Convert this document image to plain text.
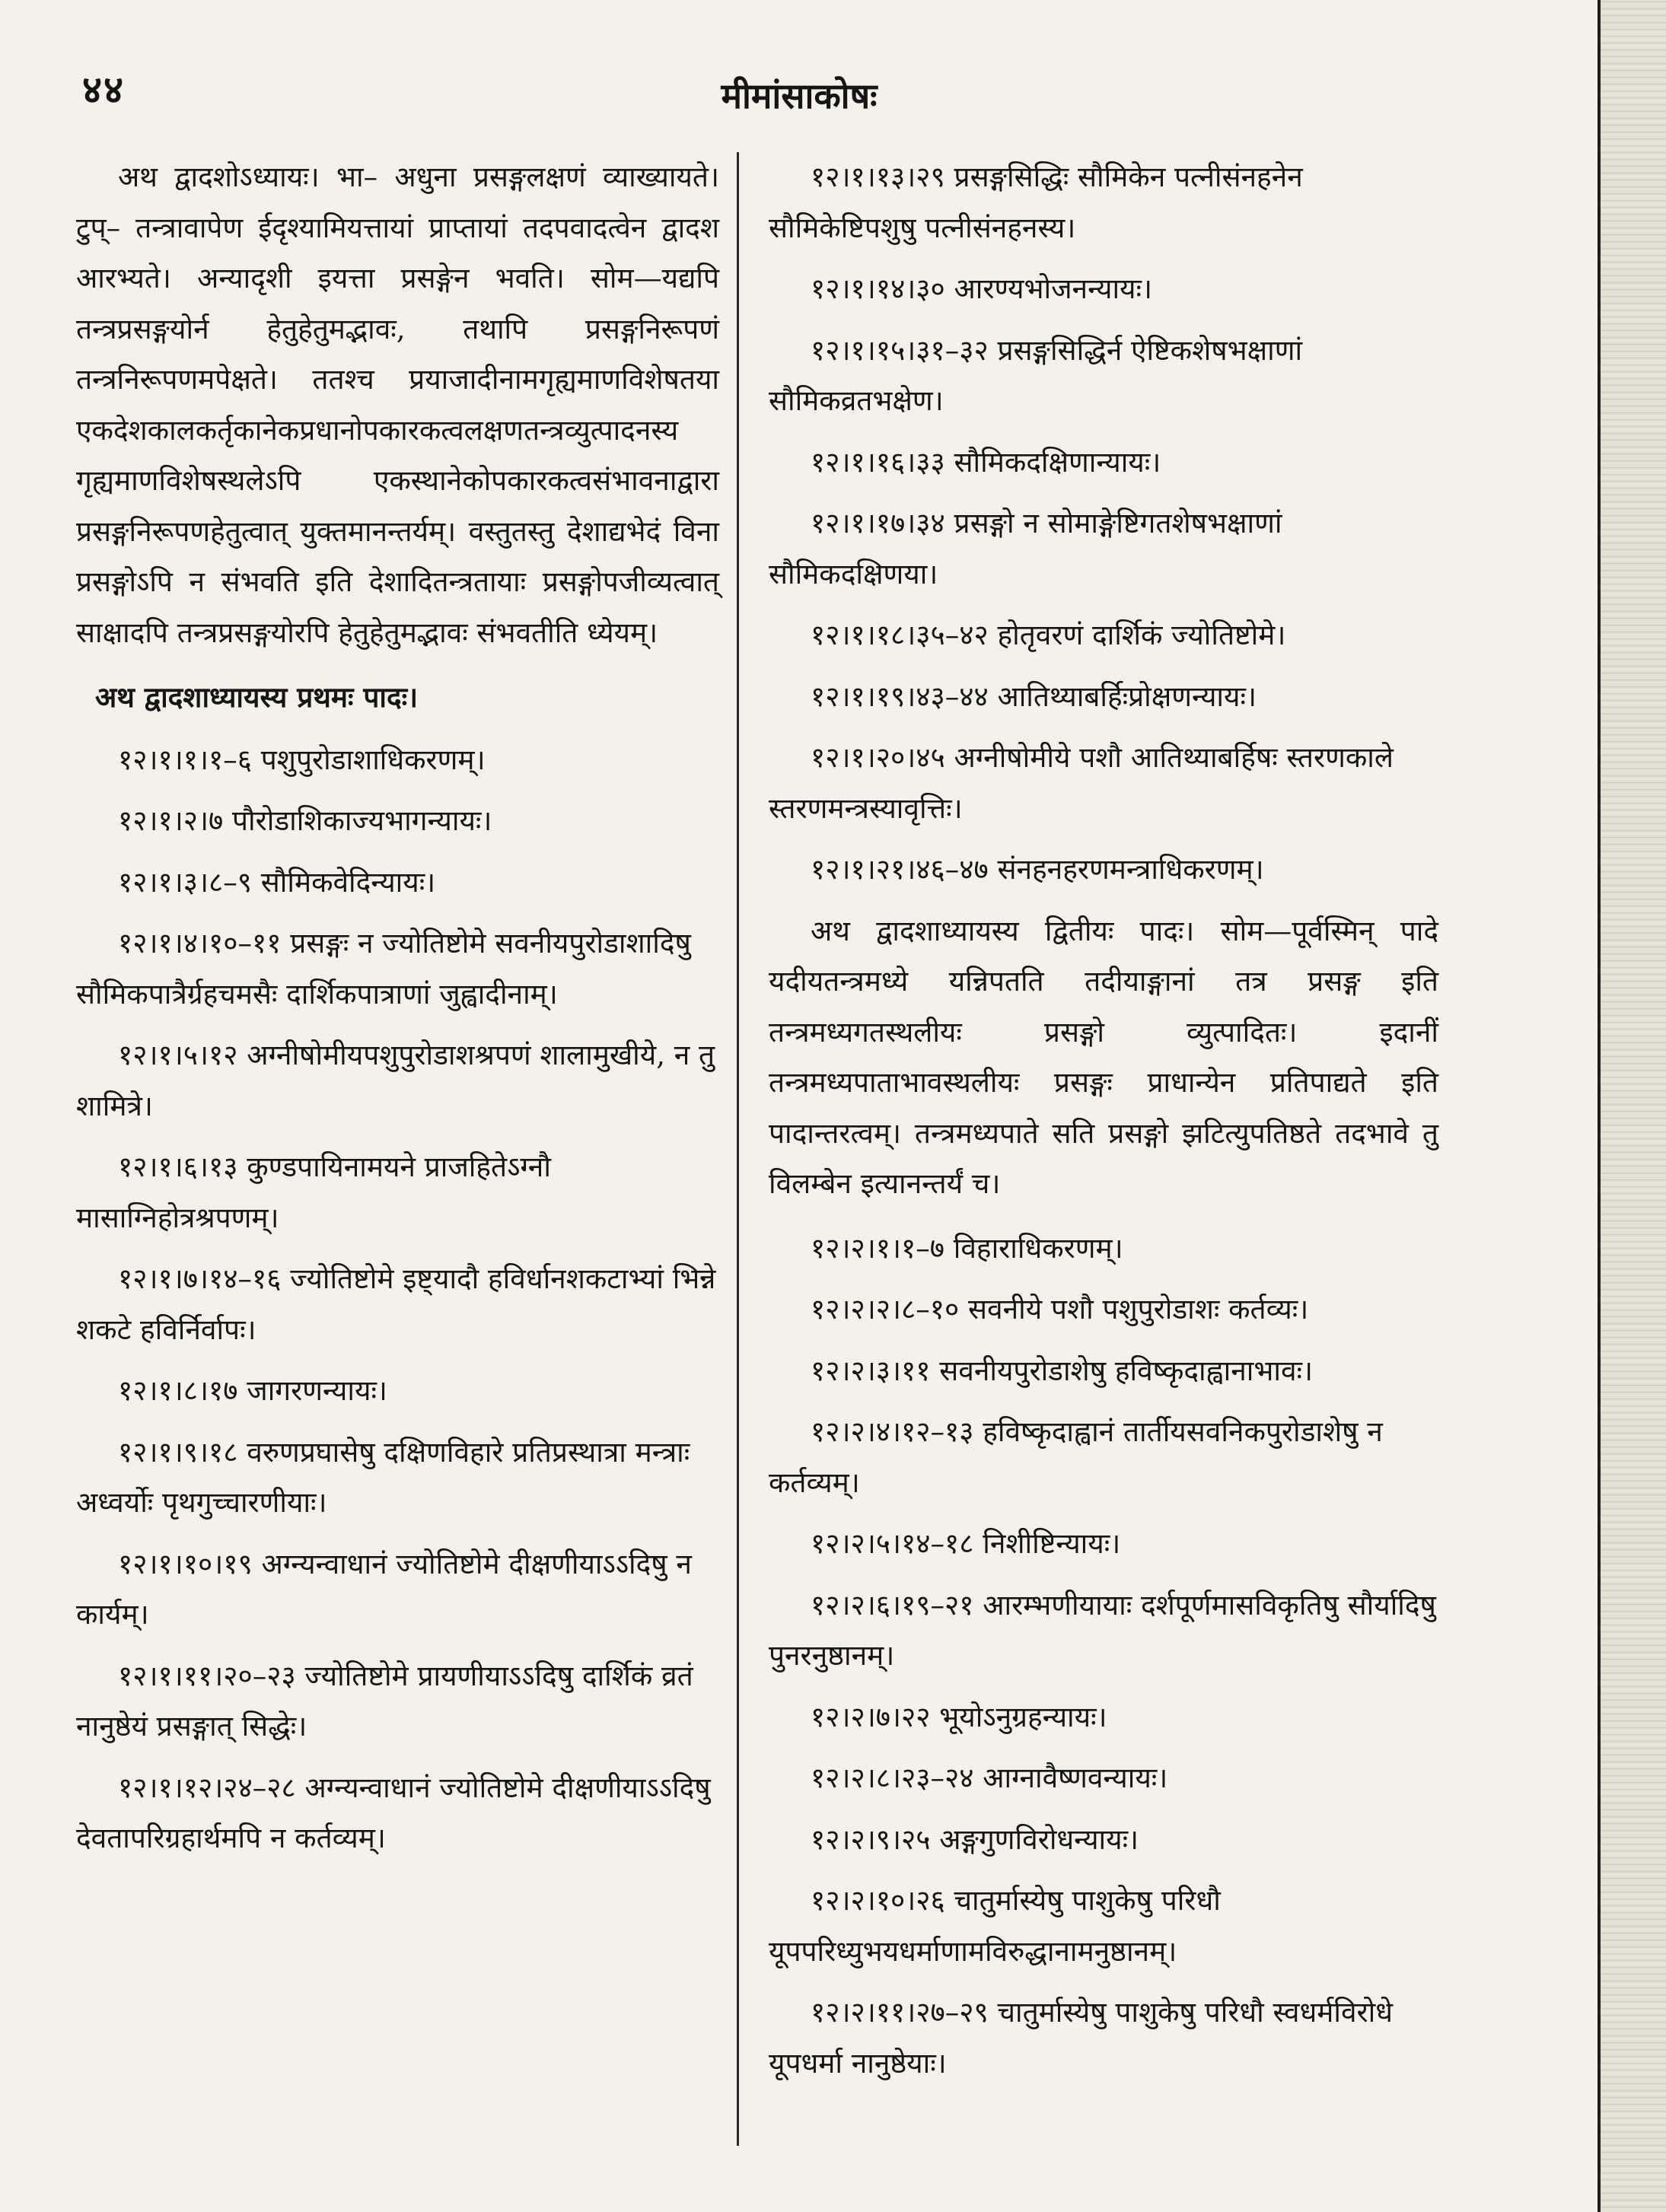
४४	मीमांसाकोषः

अथ द्वादशोऽध्यायः। भा– अधुना प्रसङ्गलक्षणं व्याख्यायते। टुप्– तन्त्रावापेण ईदृश्यामियत्तायां प्राप्तायां तदपवादत्वेन द्वादश आरभ्यते। अन्यादृशी इयत्ता प्रसङ्गेन भवति। सोम—यद्यपि तन्त्रप्रसङ्गयोर्न हेतुहेतुमद्भावः, तथापि प्रसङ्गनिरूपणं तन्त्रनिरूपणमपेक्षते। ततश्च प्रयाजादीनामगृह्यमाणविशेषतया एकदेशकालकर्तृकानेकप्रधानोपकारकत्वलक्षणतन्त्रव्युत्पादनस्य गृह्यमाणविशेषस्थलेऽपि एकस्थानेकोपकारकत्वसंभावनाद्वारा प्रसङ्गनिरूपणहेतुत्वात् युक्तमानन्तर्यम्। वस्तुतस्तु देशाद्यभेदं विना प्रसङ्गोऽपि न संभवति इति देशादितन्त्रतायाः प्रसङ्गोपजीव्यत्वात् साक्षादपि तन्त्रप्रसङ्गयोरपि हेतुहेतुमद्भावः संभवतीति ध्येयम्।

अथ द्वादशाध्यायस्य प्रथमः पादः।

१२।१।१।१–६ पशुपुरोडाशाधिकरणम्।

१२।१।२।७ पौरोडाशिकाज्यभागन्यायः।

१२।१।३।८–९ सौमिकवेदिन्यायः।

१२।१।४।१०–११ प्रसङ्गः न ज्योतिष्टोमे सवनीयपुरोडाशादिषु सौमिकपात्रैर्ग्रहचमसैः दार्शिकपात्राणां जुह्वादीनाम्।

१२।१।५।१२ अग्नीषोमीयपशुपुरोडाशश्रपणं शालामुखीये, न तु शामित्रे।

१२।१।६।१३ कुण्डपायिनामयने प्राजहितेऽग्नौ मासाग्निहोत्रश्रपणम्।

१२।१।७।१४–१६ ज्योतिष्टोमे इष्ट्यादौ हविर्धानशकटाभ्यां भिन्ने शकटे हविर्निर्वापः।

१२।१।८।१७ जागरणन्यायः।

१२।१।९।१८ वरुणप्रघासेषु दक्षिणविहारे प्रतिप्रस्थात्रा मन्त्राः अध्वर्योः पृथगुच्चारणीयाः।

१२।१।१०।१९ अग्न्यन्वाधानं ज्योतिष्टोमे दीक्षणीयाऽऽदिषु न कार्यम्।

१२।१।११।२०–२३ ज्योतिष्टोमे प्रायणीयाऽऽदिषु दार्शिकं व्रतं नानुष्ठेयं प्रसङ्गात् सिद्धेः।

१२।१।१२।२४–२८ अग्न्यन्वाधानं ज्योतिष्टोमे दीक्षणीयाऽऽदिषु देवतापरिग्रहार्थमपि न कर्तव्यम्।

१२।१।१३।२९ प्रसङ्गसिद्धिः सौमिकेन पत्नीसंनहनेन सौमिकेष्टिपशुषु पत्नीसंनहनस्य।

१२।१।१४।३० आरण्यभोजनन्यायः।

१२।१।१५।३१–३२ प्रसङ्गसिद्धिर्न ऐष्टिकशेषभक्षाणां सौमिकव्रतभक्षेण।

१२।१।१६।३३ सौमिकदक्षिणान्यायः।

१२।१।१७।३४ प्रसङ्गो न सोमाङ्गेष्टिगतशेषभक्षाणां सौमिकदक्षिणया।

१२।१।१८।३५–४२ होतृवरणं दार्शिकं ज्योतिष्टोमे।

१२।१।१९।४३–४४ आतिथ्याबर्हिःप्रोक्षणन्यायः।

१२।१।२०।४५ अग्नीषोमीये पशौ आतिथ्याबर्हिषः स्तरणकाले स्तरणमन्त्रस्यावृत्तिः।

१२।१।२१।४६–४७ संनहनहरणमन्त्राधिकरणम्।

अथ द्वादशाध्यायस्य द्वितीयः पादः। सोम—पूर्वस्मिन् पादे यदीयतन्त्रमध्ये यन्निपतति तदीयाङ्गानां तत्र प्रसङ्ग इति तन्त्रमध्यगतस्थलीयः प्रसङ्गो व्युत्पादितः। इदानीं तन्त्रमध्यपाताभावस्थलीयः प्रसङ्गः प्राधान्येन प्रतिपाद्यते इति पादान्तरत्वम्। तन्त्रमध्यपाते सति प्रसङ्गो झटित्युपतिष्ठते तदभावे तु विलम्बेन इत्यानन्तर्यं च।

१२।२।१।१–७ विहाराधिकरणम्।

१२।२।२।८–१० सवनीये पशौ पशुपुरोडाशः कर्तव्यः।

१२।२।३।११ सवनीयपुरोडाशेषु हविष्कृदाह्वानाभावः।

१२।२।४।१२–१३ हविष्कृदाह्वानं तार्तीयसवनिकपुरोडाशेषु न कर्तव्यम्।

१२।२।५।१४–१८ निशीष्टिन्यायः।

१२।२।६।१९–२१ आरम्भणीयायाः दर्शपूर्णमासविकृतिषु सौर्यादिषु पुनरनुष्ठानम्।

१२।२।७।२२ भूयोऽनुग्रहन्यायः।

१२।२।८।२३–२४ आग्नावैष्णवन्यायः।

१२।२।९।२५ अङ्गगुणविरोधन्यायः।

१२।२।१०।२६ चातुर्मास्येषु पाशुकेषु परिधौ यूपपरिध्युभयधर्माणामविरुद्धानामनुष्ठानम्।

१२।२।११।२७–२९ चातुर्मास्येषु पाशुकेषु परिधौ स्वधर्मविरोधे यूपधर्मा नानुष्ठेयाः।
